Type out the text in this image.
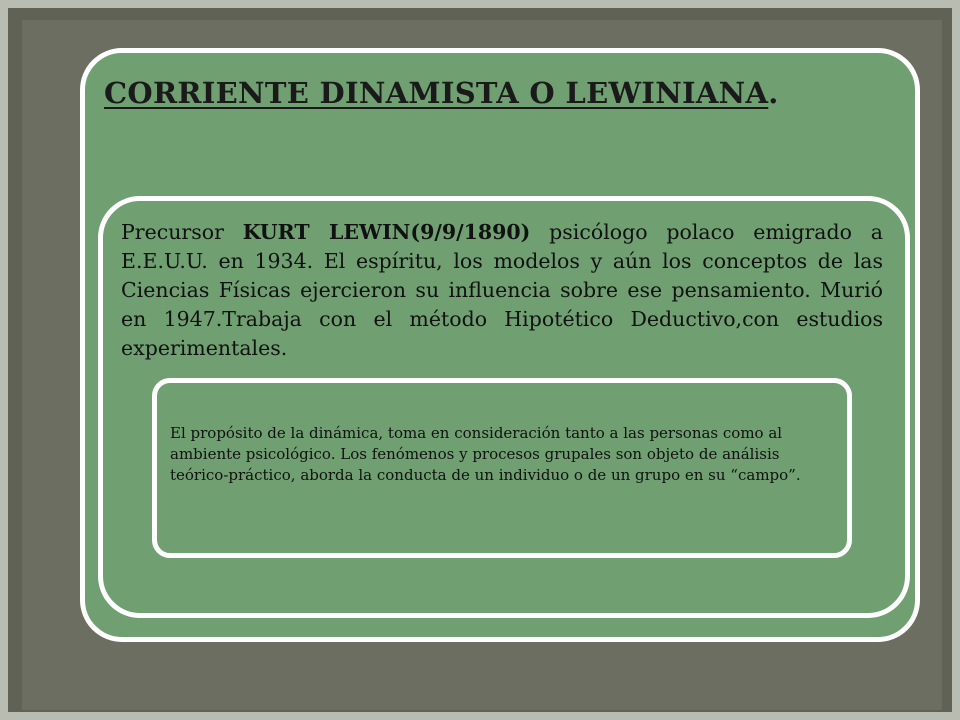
CORRIENTE DINAMISTA O LEWINIANA.

Precursor KURT LEWIN(9/9/1890) psicólogo polaco emigrado a E.E.U.U. en 1934. El espíritu, los modelos y aún los conceptos de las Ciencias Físicas ejercieron su influencia sobre ese pensamiento. Murió en 1947.Trabaja con el método Hipotético Deductivo,con estudios experimentales.

El propósito de la dinámica, toma en consideración tanto a las personas como al ambiente psicológico. Los fenómenos y procesos grupales son objeto de análisis teórico-práctico, aborda la conducta de un individuo o de un grupo en su “campo”.
